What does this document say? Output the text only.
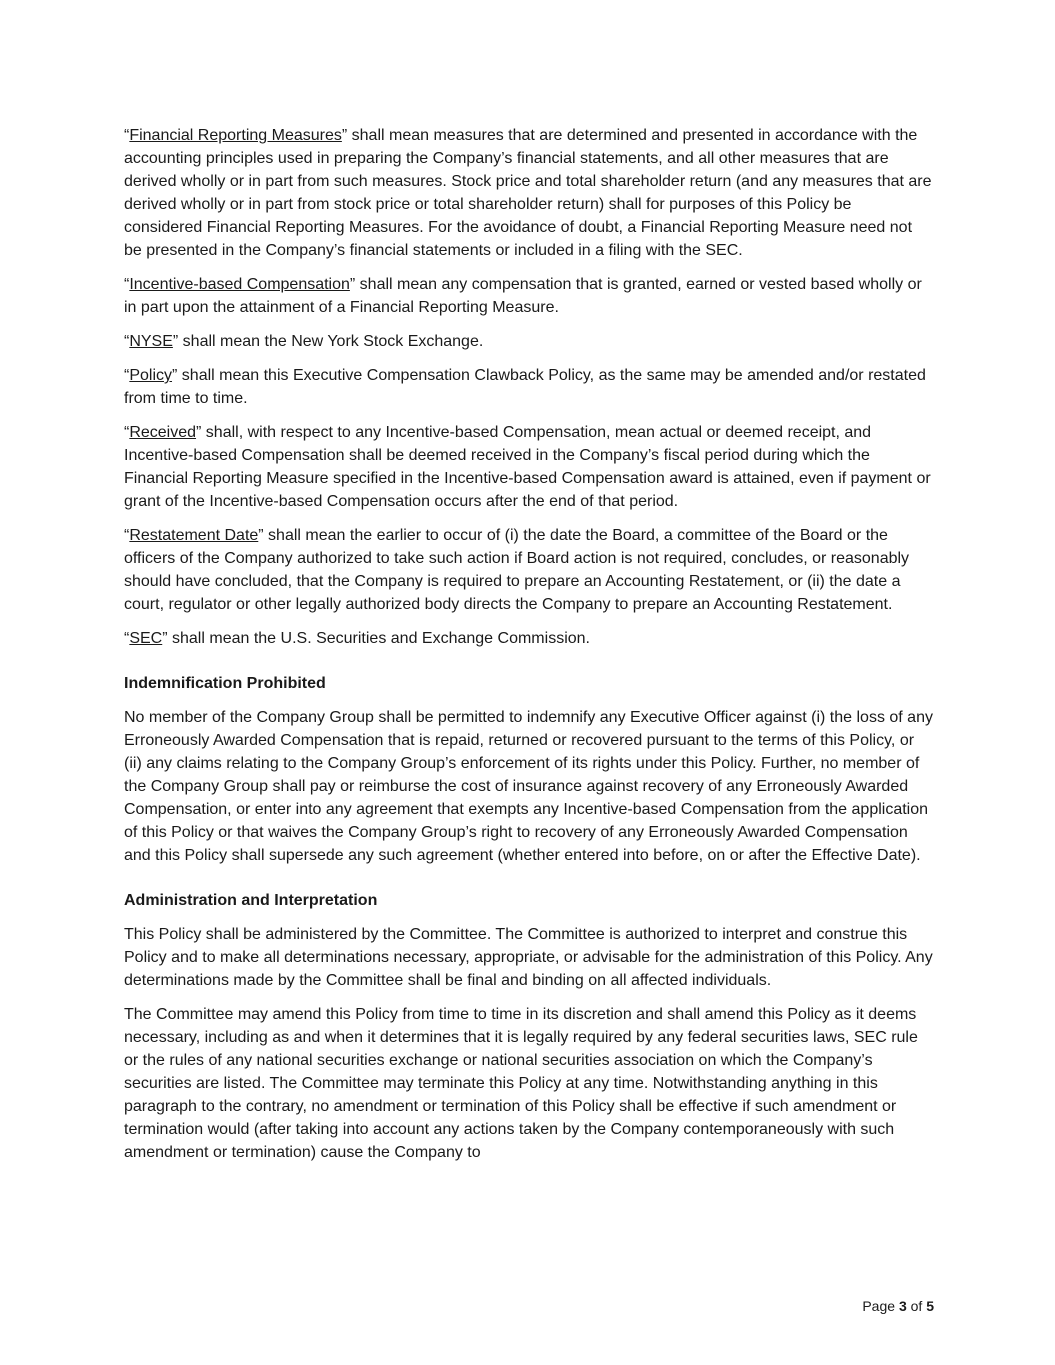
“Financial Reporting Measures” shall mean measures that are determined and presented in accordance with the accounting principles used in preparing the Company’s financial statements, and all other measures that are derived wholly or in part from such measures. Stock price and total shareholder return (and any measures that are derived wholly or in part from stock price or total shareholder return) shall for purposes of this Policy be considered Financial Reporting Measures. For the avoidance of doubt, a Financial Reporting Measure need not be presented in the Company’s financial statements or included in a filing with the SEC.

“Incentive-based Compensation” shall mean any compensation that is granted, earned or vested based wholly or in part upon the attainment of a Financial Reporting Measure.

“NYSE” shall mean the New York Stock Exchange.

“Policy” shall mean this Executive Compensation Clawback Policy, as the same may be amended and/or restated from time to time.

“Received” shall, with respect to any Incentive-based Compensation, mean actual or deemed receipt, and Incentive-based Compensation shall be deemed received in the Company’s fiscal period during which the Financial Reporting Measure specified in the Incentive-based Compensation award is attained, even if payment or grant of the Incentive-based Compensation occurs after the end of that period.

“Restatement Date” shall mean the earlier to occur of (i) the date the Board, a committee of the Board or the officers of the Company authorized to take such action if Board action is not required, concludes, or reasonably should have concluded, that the Company is required to prepare an Accounting Restatement, or (ii) the date a court, regulator or other legally authorized body directs the Company to prepare an Accounting Restatement.

“SEC” shall mean the U.S. Securities and Exchange Commission.

Indemnification Prohibited

No member of the Company Group shall be permitted to indemnify any Executive Officer against (i) the loss of any Erroneously Awarded Compensation that is repaid, returned or recovered pursuant to the terms of this Policy, or (ii) any claims relating to the Company Group’s enforcement of its rights under this Policy. Further, no member of the Company Group shall pay or reimburse the cost of insurance against recovery of any Erroneously Awarded Compensation, or enter into any agreement that exempts any Incentive-based Compensation from the application of this Policy or that waives the Company Group’s right to recovery of any Erroneously Awarded Compensation and this Policy shall supersede any such agreement (whether entered into before, on or after the Effective Date).

Administration and Interpretation

This Policy shall be administered by the Committee. The Committee is authorized to interpret and construe this Policy and to make all determinations necessary, appropriate, or advisable for the administration of this Policy. Any determinations made by the Committee shall be final and binding on all affected individuals.

The Committee may amend this Policy from time to time in its discretion and shall amend this Policy as it deems necessary, including as and when it determines that it is legally required by any federal securities laws, SEC rule or the rules of any national securities exchange or national securities association on which the Company’s securities are listed. The Committee may terminate this Policy at any time. Notwithstanding anything in this paragraph to the contrary, no amendment or termination of this Policy shall be effective if such amendment or termination would (after taking into account any actions taken by the Company contemporaneously with such amendment or termination) cause the Company to

Page 3 of 5
